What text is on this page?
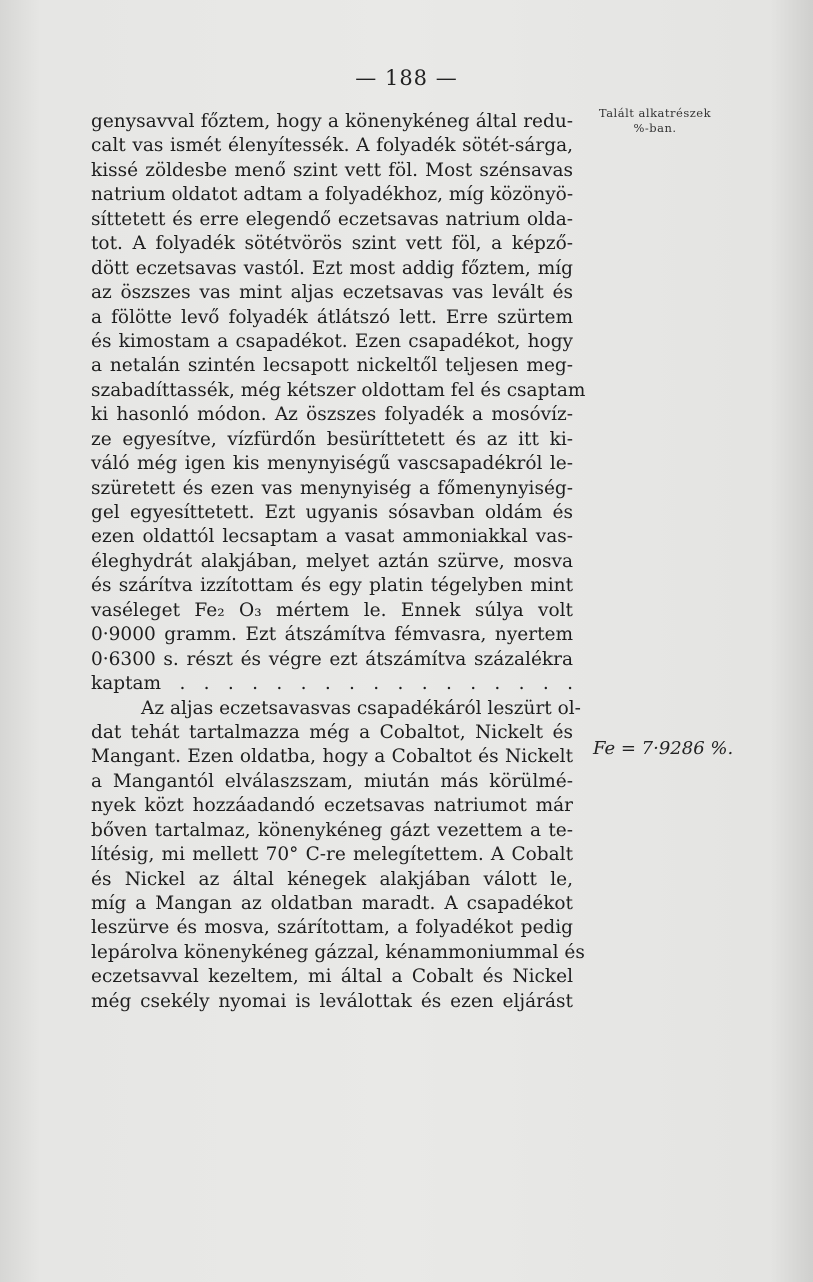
— 188 —
Talált alkatrészek
%-ban.
genysavval főztem, hogy a könenykéneg által redu-
calt vas ismét élenyítessék. A folyadék sötét-sárga,
kissé zöldesbe menő szint vett föl. Most szénsavas
natrium oldatot adtam a folyadékhoz, míg közönyö-
síttetett és erre elegendő eczetsavas natrium olda-
tot. A folyadék sötétvörös szint vett föl, a képző-
dött eczetsavas vastól. Ezt most addig főztem, míg
az öszszes vas mint aljas eczetsavas vas levált és
a fölötte levő folyadék átlátszó lett. Erre szürtem
és kimostam a csapadékot. Ezen csapadékot, hogy
a netalán szintén lecsapott nickeltől teljesen meg-
szabadíttassék, még kétszer oldottam fel és csaptam
ki hasonló módon. Az öszszes folyadék a mosóvíz-
ze egyesítve, vízfürdőn besüríttetett és az itt ki-
váló még igen kis menynyiségű vascsapadékról le-
szüretett és ezen vas menynyiség a főmenynyiség-
gel egyesíttetett. Ezt ugyanis sósavban oldám és
ezen oldattól lecsaptam a vasat ammoniakkal vas-
éleghydrát alakjában, melyet aztán szürve, mosva
és szárítva izzítottam és egy platin tégelyben mint
vaséleget Fe₂ O₃ mértem le. Ennek súlya volt
0·9000 gramm. Ezt átszámítva fémvasra, nyertem
0·6300 s. részt és végre ezt átszámítva százalékra
kaptam . . . . . . . . . . . . . . . . .
Az aljas eczetsavasvas csapadékáról leszürt ol-
dat tehát tartalmazza még a Cobaltot, Nickelt és
Mangant. Ezen oldatba, hogy a Cobaltot és Nickelt
a Mangantól elválaszszam, miután más körülmé-
nyek közt hozzáadandó eczetsavas natriumot már
bőven tartalmaz, könenykéneg gázt vezettem a te-
lítésig, mi mellett 70° C-re melegítettem. A Cobalt
és Nickel az által kénegek alakjában válott le,
míg a Mangan az oldatban maradt. A csapadékot
leszürve és mosva, szárítottam, a folyadékot pedig
lepárolva könenykéneg gázzal, kénammoniummal és
eczetsavval kezeltem, mi által a Cobalt és Nickel
még csekély nyomai is leválottak és ezen eljárást
Fe = 7·9286 %.
